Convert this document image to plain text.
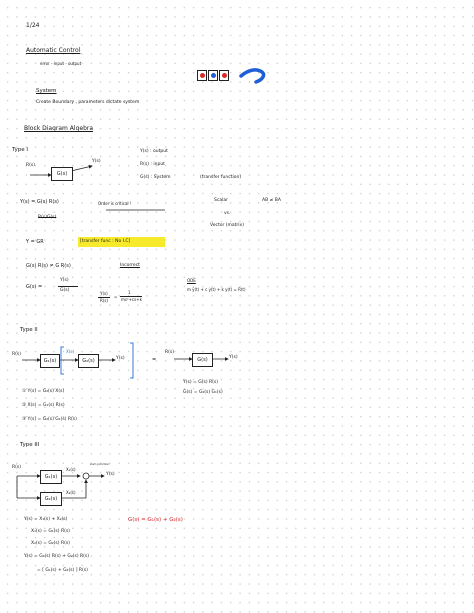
1/24
Automatic Control
error - input - output
System
Create Boundary , parameters dictate system
Block Diagram Algebra
Type I
R(s)
G(s)
Y(s)
Y(s) : output
R(s) : input
G(s) : System	(transfer function)
Y(s) = G(s) R(s)	Order is critical !
R(s)G(s)
Scalar
vs.
Vector (matrix)
AB ≠ BA
Y = GR	[transfer func : No I.C]
G(s) R(s) ≠ G R(s)	Incorrect
G(s) =
Y(s)
G(s)
Y(s)
R(s)
=
1
ms²+cs+k
ODE
m ÿ(t) + c ẏ(t) + k y(t) = R(t)
Type II
R(s)
G₁(s)
X(s)
G₂(s)	Y(s)	=
R(s)
G(s)	Y(s)
Y(s) = G(s) R(s)
G(s) = G₂(s) G₁(s)
① Y(s) = G₂(s) X(s)
② X(s) = G₁(s) R(s)
③ Y(s) = G₂(s) G₁(s) R(s)
Type III
R(s)
G₁(s)
G₂(s)
X₁(s)
X₂(s)
sum junction
Y(s)
Y(s) = X₁(s) + X₂(s)
X₁(s) = G₁(s) R(s)
X₂(s) = G₂(s) R(s)
Y(s) = G₁(s) R(s) + G₂(s) R(s)
= [ G₁(s) + G₂(s) ] R(s)
G(s) = G₁(s) + G₂(s)
